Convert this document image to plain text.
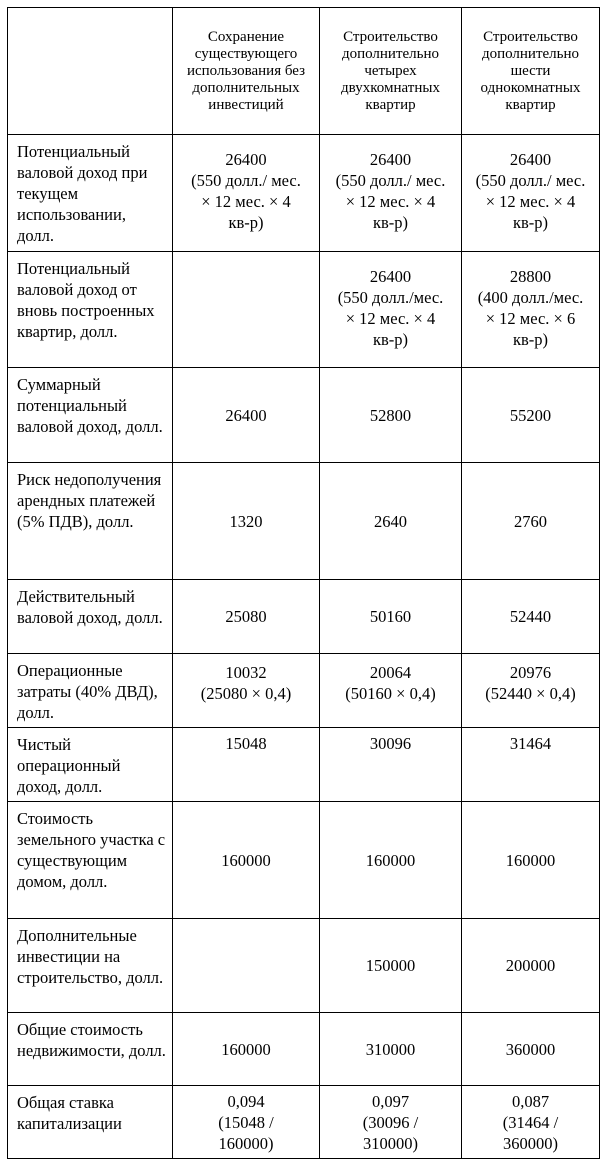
	Сохранение существующего использования без дополнительных инвестиций	Строительство дополнительно четырех двухкомнатных квартир	Строительство дополнительно шести однокомнатных квартир
Потенциальный валовой доход при текущем использовании, долл.	26400
(550 долл./ мес.
× 12 мес. × 4
кв-р)	26400
(550 долл./ мес.
× 12 мес. × 4
кв-р)	26400
(550 долл./ мес.
× 12 мес. × 4
кв-р)

Потенциальный валовой доход от вновь построенных квартир, долл.		26400
(550 долл./мес.
× 12 мес. × 4
кв-р)	28800
(400 долл./мес.
× 12 мес. × 6
кв-р)

Суммарный потенциальный валовой доход, долл.	26400	52800	55200

Риск недополучения арендных платежей (5% ПДВ), долл.	1320	2640	2760

Действительный валовой доход, долл.	25080	50160	52440

Операционные затраты (40% ДВД), долл.	10032
(25080 × 0,4)	20064
(50160 × 0,4)	20976
(52440 × 0,4)

Чистый операционный доход, долл.	15048	30096	31464

Стоимость земельного участка с существующим домом, долл.	160000	160000	160000

Дополнительные инвестиции на строительство, долл.		150000	200000

Общие стоимость недвижимости, долл.	160000	310000	360000

Общая ставка капитализации	0,094
(15048 /
160000)	0,097
(30096 /
310000)	0,087
(31464 /
360000)
